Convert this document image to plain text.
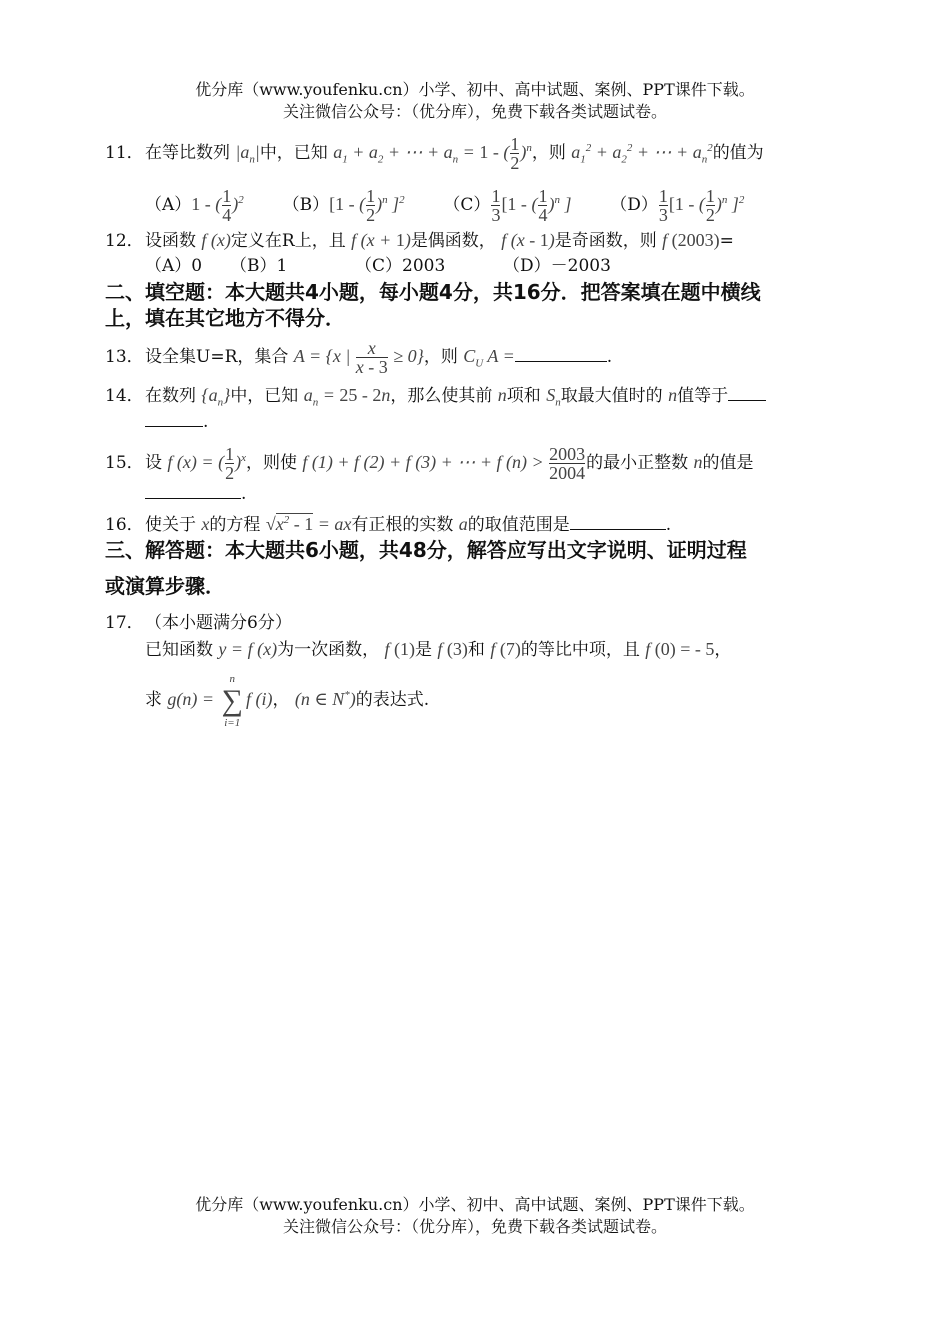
优分库（www.youfenku.cn）小学、初中、高中试题、案例、PPT课件下载。
关注微信公众号：（优分库），免费下载各类试题试卷。
11．在等比数列 $|a_n|$中，已知 $a_1 + a_2$ + ⋯ + $a_n = 1$ - ( $\frac{1}{2} )^n$，则 $a_1^2 + a_2^2$ + ⋯ + $a_n^2$的值为
（A）1 - ( $\frac{1}{4} )^2$ （B）[1 - ( $\frac{1}{2} )^n$ ]$^2$ $(C) \frac{1}{3} [1$ - ( $\frac{1}{4} )^n$ ] $(D) \frac{1}{3} [1$ - ( $\frac{1}{2} )^n$ ]$^2$
12．设函数 f (x)定义在R上，且 f (x + 1)是偶函数， f (x - 1)是奇函数，则 f (2003)=
（A）0 （B）1	（C）2003	（D）－2003
二、填空题：本大题共4小题，每小题4分，共16分．把答案填在题中横线
上，填在其它地方不得分．
13．设全集U=R，集合 A = {x | $\frac{x}{x - 3} \ge 0$}，则 $C_U$ A =	.
14．在数列 $\{a_n\}$中，已知 $a_n = 25 - 2n$，那么使其前 n项和 $S_n$取最大值时的 n值等于
.
15．设 f (x) = ( $\frac{1}{2} )^x$，则使 f (1) + f (2) + f (3) + ⋯ + f $(n) > \frac{2003}{2004}$ 的最小正整数 n的值是
.
16．使关于 x的方程 $√x^2 - 1$ = ax有正根的实数 a的取值范围是	.
三、解答题：本大题共6小题，共48分，解答应写出文字说明、证明过程
或演算步骤．
17．（本小题满分6分）
已知函数 y = f (x)为一次函数， f (1)是 f (3)和 f (7)的等比中项，且 f (0) = - 5，
求 g(n) =
n
∑
i=1
f (i)， (n ∈ N*)的表达式.
优分库（www.youfenku.cn）小学、初中、高中试题、案例、PPT课件下载。
关注微信公众号：（优分库），免费下载各类试题试卷。
